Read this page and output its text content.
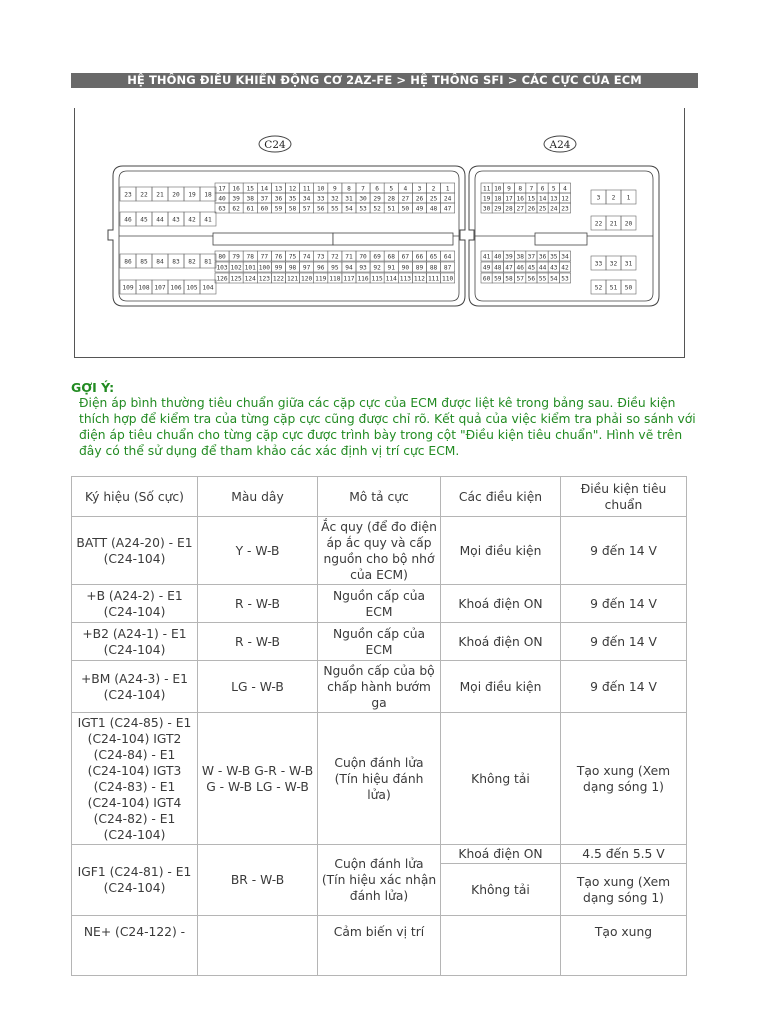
HỆ THỐNG ĐIỀU KHIỂN ĐỘNG CƠ 2AZ-FE > HỆ THỐNG SFI > CÁC CỰC CỦA ECM
C24	A24
23 22 21 20 19 18
46 45 44 43 42 41
17 16 15 14 13 12 11 10 9 8 7 6 5 4 3 2 1
40 39 38 37 36 35 34 33 32 31 30 29 28 27 26 25 24
63 62 61 60 59 58 57 56 55 54 53 52 51 50 49 48 47
86 85 84 83 82 81
109 108 107 106 105 104
80 79 78 77 76 75 74 73 72 71 70 69 68 67 66 65 64
103 102 101 100 99 98 97 96 95 94 93 92 91 90 89 88 87
126 125 124 123 122 121 120 119 118 117 116 115 114 113 112 111 110
11 10 9 8 7 6 5 4
19 18 17 16 15 14 13 12
30 29 28 27 26 25 24 23
3 2 1
22 21 20
41 40 39 38 37 36 35 34
49 48 47 46 45 44 43 42
60 59 58 57 56 55 54 53
33 32 31
52 51 50
GỢI Ý:
Điện áp bình thường tiêu chuẩn giữa các cặp cực của ECM được liệt kê trong bảng sau. Điều kiện thích hợp để kiểm tra của từng cặp cực cũng được chỉ rõ. Kết quả của việc kiểm tra phải so sánh với điện áp tiêu chuẩn cho từng cặp cực được trình bày trong cột "Điều kiện tiêu chuẩn". Hình vẽ trên đây có thể sử dụng để tham khảo các xác định vị trí cực ECM.
Ký hiệu (Số cực)	Màu dây	Mô tả cực	Các điều kiện	Điều kiện tiêu chuẩn
BATT (A24-20) - E1 (C24-104)	Y - W-B	Ắc quy (để đo điện áp ắc quy và cấp nguồn cho bộ nhớ của ECM)	Mọi điều kiện	9 đến 14 V
+B (A24-2) - E1 (C24-104)	R - W-B	Nguồn cấp của ECM	Khoá điện ON	9 đến 14 V
+B2 (A24-1) - E1 (C24-104)	R - W-B	Nguồn cấp của ECM	Khoá điện ON	9 đến 14 V
+BM (A24-3) - E1 (C24-104)	LG - W-B	Nguồn cấp của bộ chấp hành bướm ga	Mọi điều kiện	9 đến 14 V
IGT1 (C24-85) - E1 (C24-104) IGT2 (C24-84) - E1 (C24-104) IGT3 (C24-83) - E1 (C24-104) IGT4 (C24-82) - E1 (C24-104)	W - W-B G-R - W-B G - W-B LG - W-B	Cuộn đánh lửa (Tín hiệu đánh lửa)	Không tải	Tạo xung (Xem dạng sóng 1)
IGF1 (C24-81) - E1 (C24-104)	BR - W-B	Cuộn đánh lửa (Tín hiệu xác nhận đánh lửa)	Khoá điện ON	4.5 đến 5.5 V
			Không tải	Tạo xung (Xem dạng sóng 1)
NE+ (C24-122) -		Cảm biến vị trí		Tạo xung
